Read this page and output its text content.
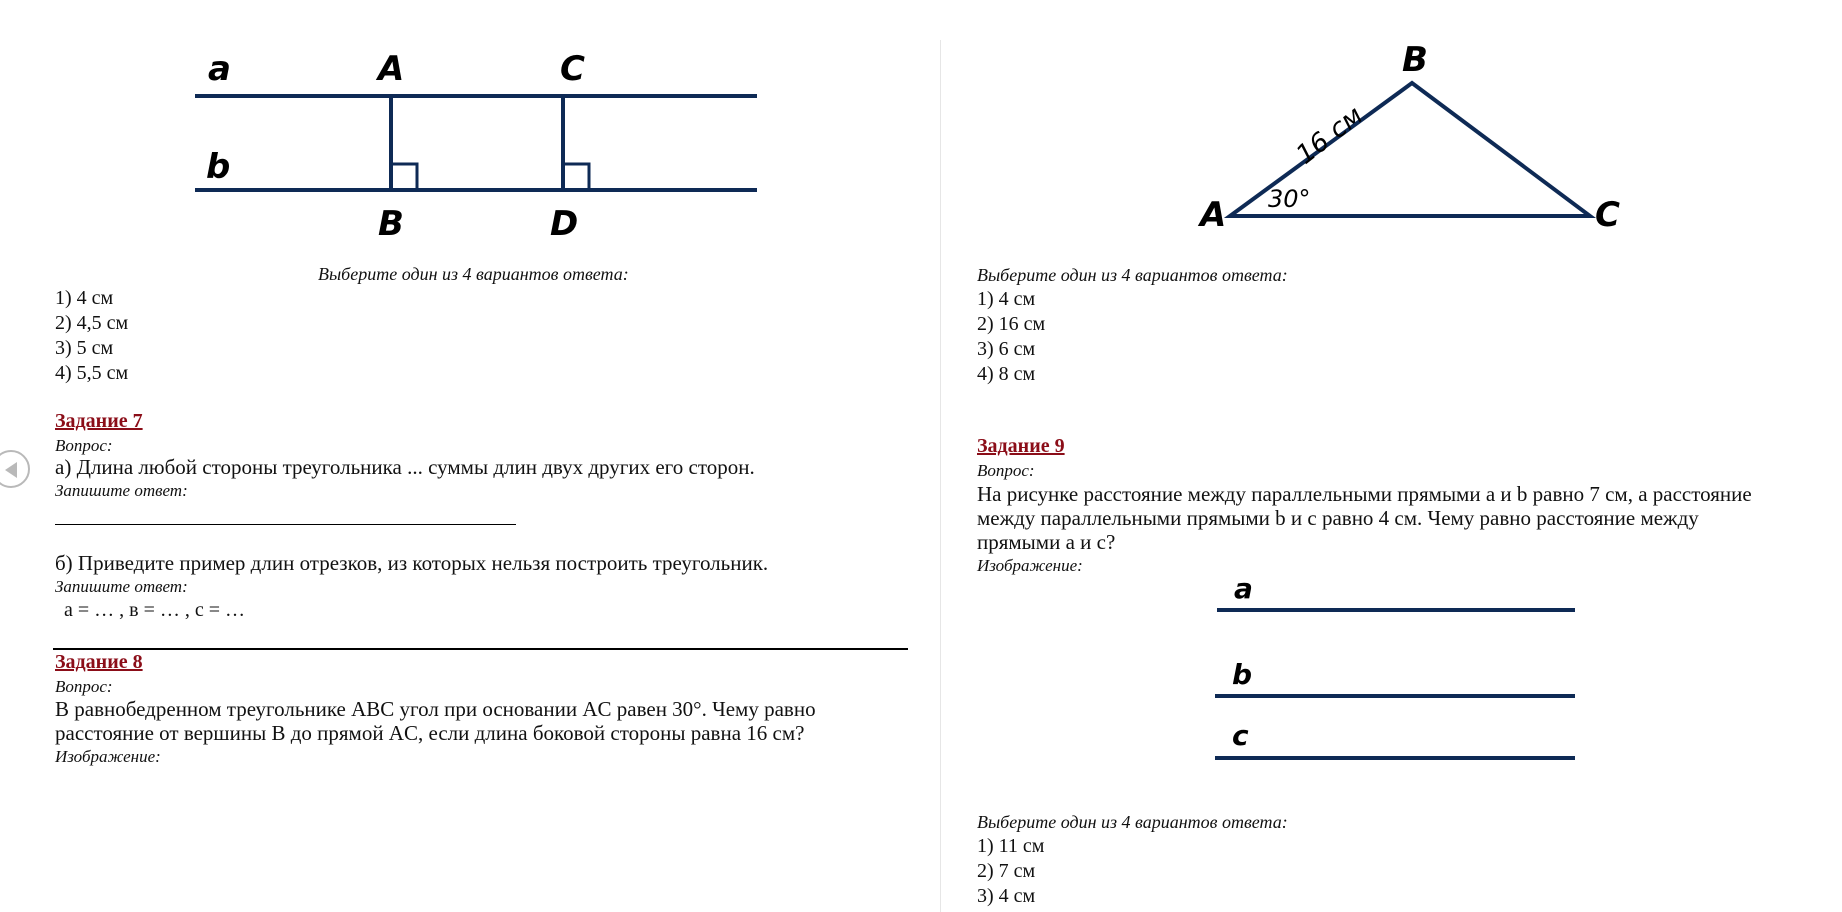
a
b
A	C
B	D	A
B
C
16 см
30°
a
b
c
Выберите один из 4 вариантов ответа:
1) 4 см
2) 4,5 см
3) 5 см
4) 5,5 см
Задание 7
Вопрос:
а) Длина любой стороны треугольника ... суммы длин двух других его сторон.
Запишите ответ:
б) Приведите пример длин отрезков, из которых нельзя построить треугольник.
Запишите ответ:
а = … , в = … , с = …
Задание 8
Вопрос:
В равнобедренном треугольнике ABC угол при основании AC равен 30°. Чему равно
расстояние от вершины B до прямой AC, если длина боковой стороны равна 16 см?
Изображение:
Выберите один из 4 вариантов ответа:
1) 4 см
2) 16 см
3) 6 см
4) 8 см
Задание 9
Вопрос:
На рисунке расстояние между параллельными прямыми a и b равно 7 см, а расстояние
между параллельными прямыми b и c равно 4 см. Чему равно расстояние между
прямыми a и c?
Изображение:
Выберите один из 4 вариантов ответа:
1) 11 см
2) 7 см
3) 4 см
